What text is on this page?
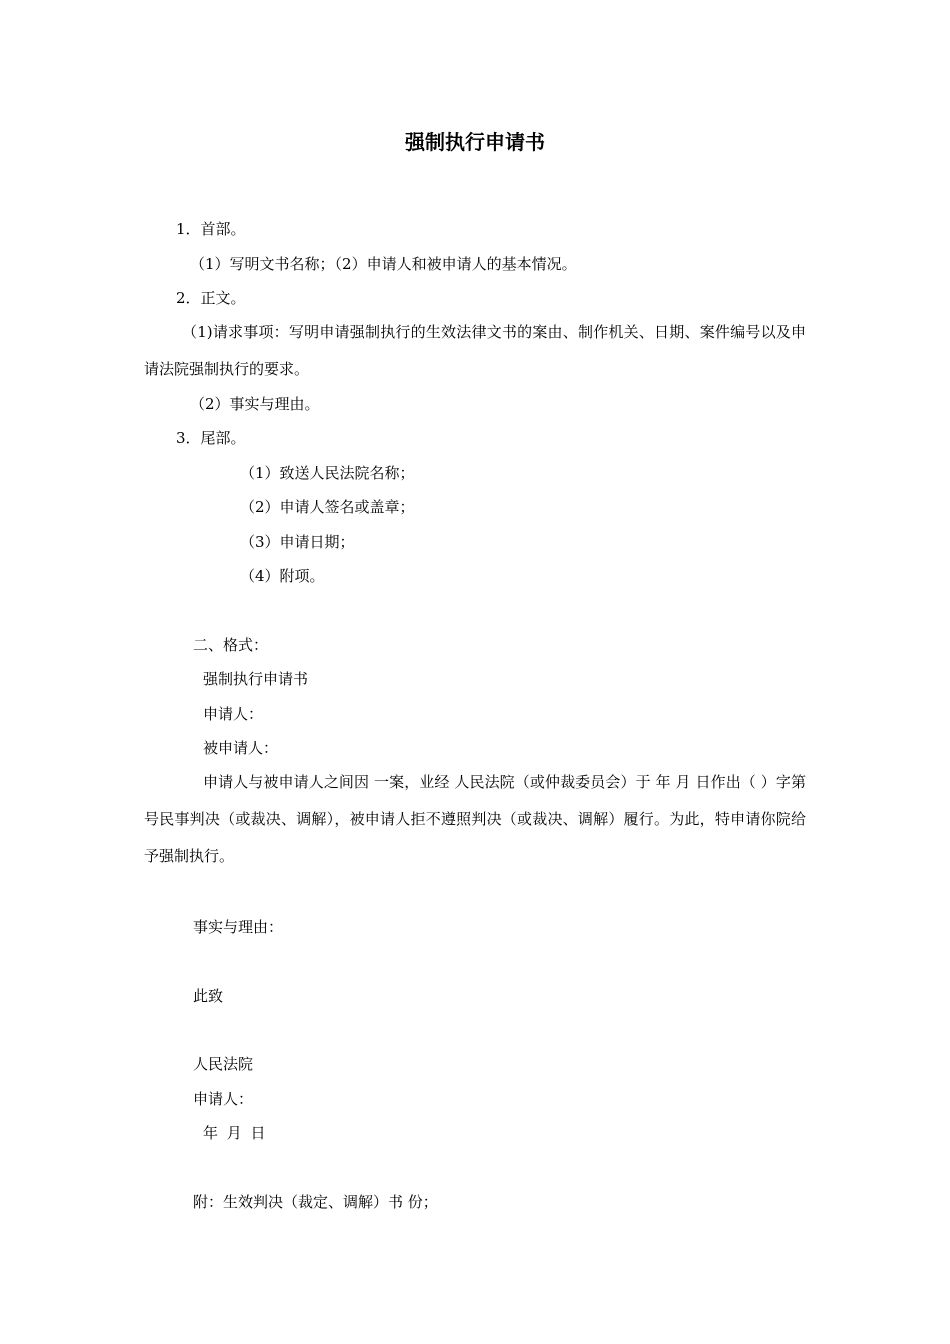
强制执行申请书
1．首部。
（1）写明文书名称；（2）申请人和被申请人的基本情况。
2．正文。
（1)请求事项：写明申请强制执行的生效法律文书的案由、制作机关、日期、案件编号以及申请法院强制执行的要求。
（2）事实与理由。
3．尾部。
（1）致送人民法院名称；
（2）申请人签名或盖章；
（3）申请日期；
（4）附项。
二、格式：
强制执行申请书
申请人：
被申请人：
申请人与被申请人之间因 一案，业经 人民法院（或仲裁委员会）于 年 月 日作出（ ）字第 号民事判决（或裁决、调解），被申请人拒不遵照判决（或裁决、调解）履行。为此，特申请你院给予强制执行。
事实与理由：
此致
人民法院
申请人：
年 月 日
附：生效判决（裁定、调解）书 份；
